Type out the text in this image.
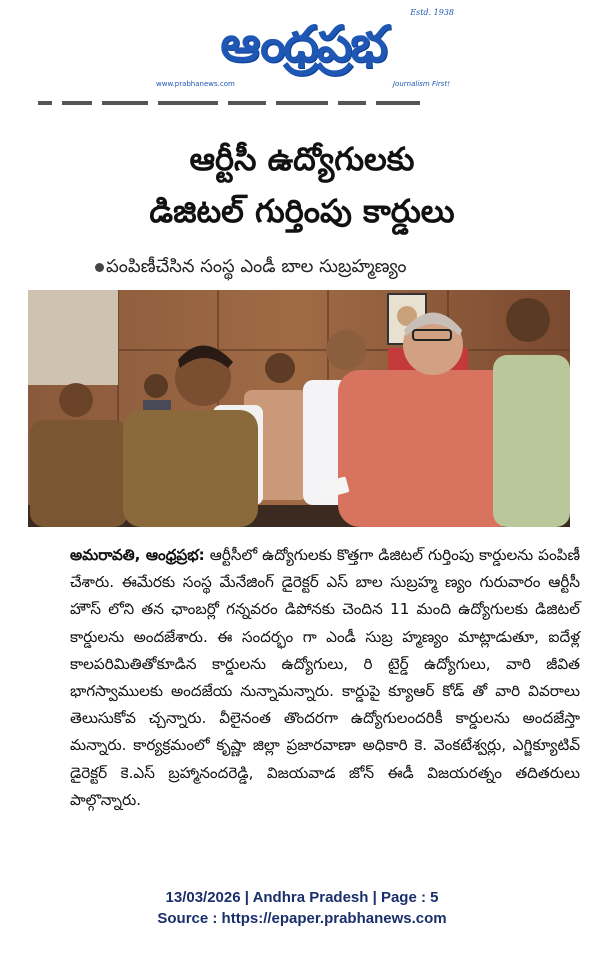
ఆంధ్రప్రభ
Estd. 1938
www.prabhanews.com	Journalism First!
ఆర్టీసీ ఉద్యోగులకు
డిజిటల్ గుర్తింపు కార్డులు
పంపిణీచేసిన సంస్థ ఎండీ బాల సుబ్రహ్మణ్యం

అమరావతి, ఆంధ్రప్రభ: ఆర్టీసీలో ఉద్యోగులకు కొత్తగా డిజిటల్ గుర్తింపు కార్డులను పంపిణీ చేశారు. ఈమేరకు సంస్థ మేనేజింగ్ డైరెక్టర్ ఎస్ బాల సుబ్రహ్మ ణ్యం గురువారం ఆర్టీసీ హౌస్ లోని తన ఛాంబర్లో గన్నవరం డిపోనకు చెందిన 11 మంది ఉద్యోగులకు డిజిటల్ కార్డులను అందజేశారు. ఈ సందర్భం గా ఎండీ సుబ్ర హ్మణ్యం మాట్లాడుతూ, ఐదేళ్ల కాలపరిమితితోకూడిన కార్డులను ఉద్యోగులు, రి టైర్డ్ ఉద్యోగులు, వారి జీవిత భాగస్వాములకు అందజేయ నున్నామన్నారు. కార్డుపై క్యూఆర్ కోడ్ తో వారి వివరాలు తెలుసుకోవ చ్చన్నారు. వీలైనంత తొందరగా ఉద్యోగులందరికీ కార్డులను అందజేస్తా మన్నారు. కార్యక్రమంలో కృష్ణా జిల్లా ప్రజారవాణా అధికారి కె. వెంకటేశ్వర్లు, ఎగ్జిక్యూటివ్ డైరెక్టర్ కె.ఎస్ బ్రహ్మానందరెడ్డి, విజయవాడ జోన్ ఈడీ విజయరత్నం తదితరులు పాల్గొన్నారు.

13/03/2026 | Andhra Pradesh | Page : 5
Source : https://epaper.prabhanews.com
